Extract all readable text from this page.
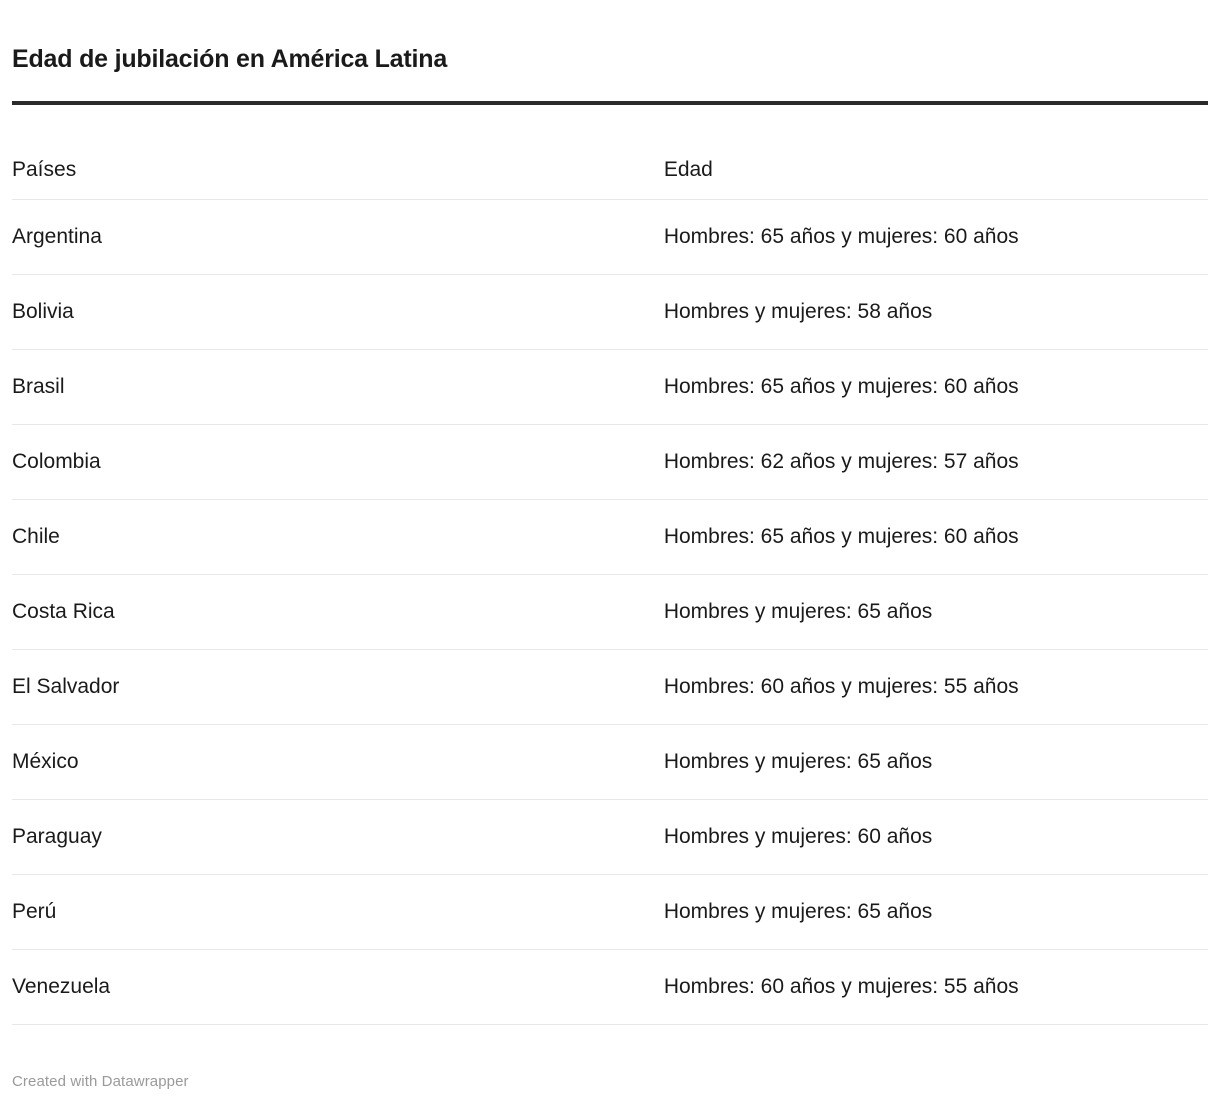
Edad de jubilación en América Latina
Países	Edad
Argentina	Hombres: 65 años y mujeres: 60 años
Bolivia	Hombres y mujeres: 58 años
Brasil	Hombres: 65 años y mujeres: 60 años
Colombia	Hombres: 62 años y mujeres: 57 años
Chile	Hombres: 65 años y mujeres: 60 años
Costa Rica	Hombres y mujeres: 65 años
El Salvador	Hombres: 60 años y mujeres: 55 años
México	Hombres y mujeres: 65 años
Paraguay	Hombres y mujeres: 60 años
Perú	Hombres y mujeres: 65 años
Venezuela	Hombres: 60 años y mujeres: 55 años
Created with Datawrapper
